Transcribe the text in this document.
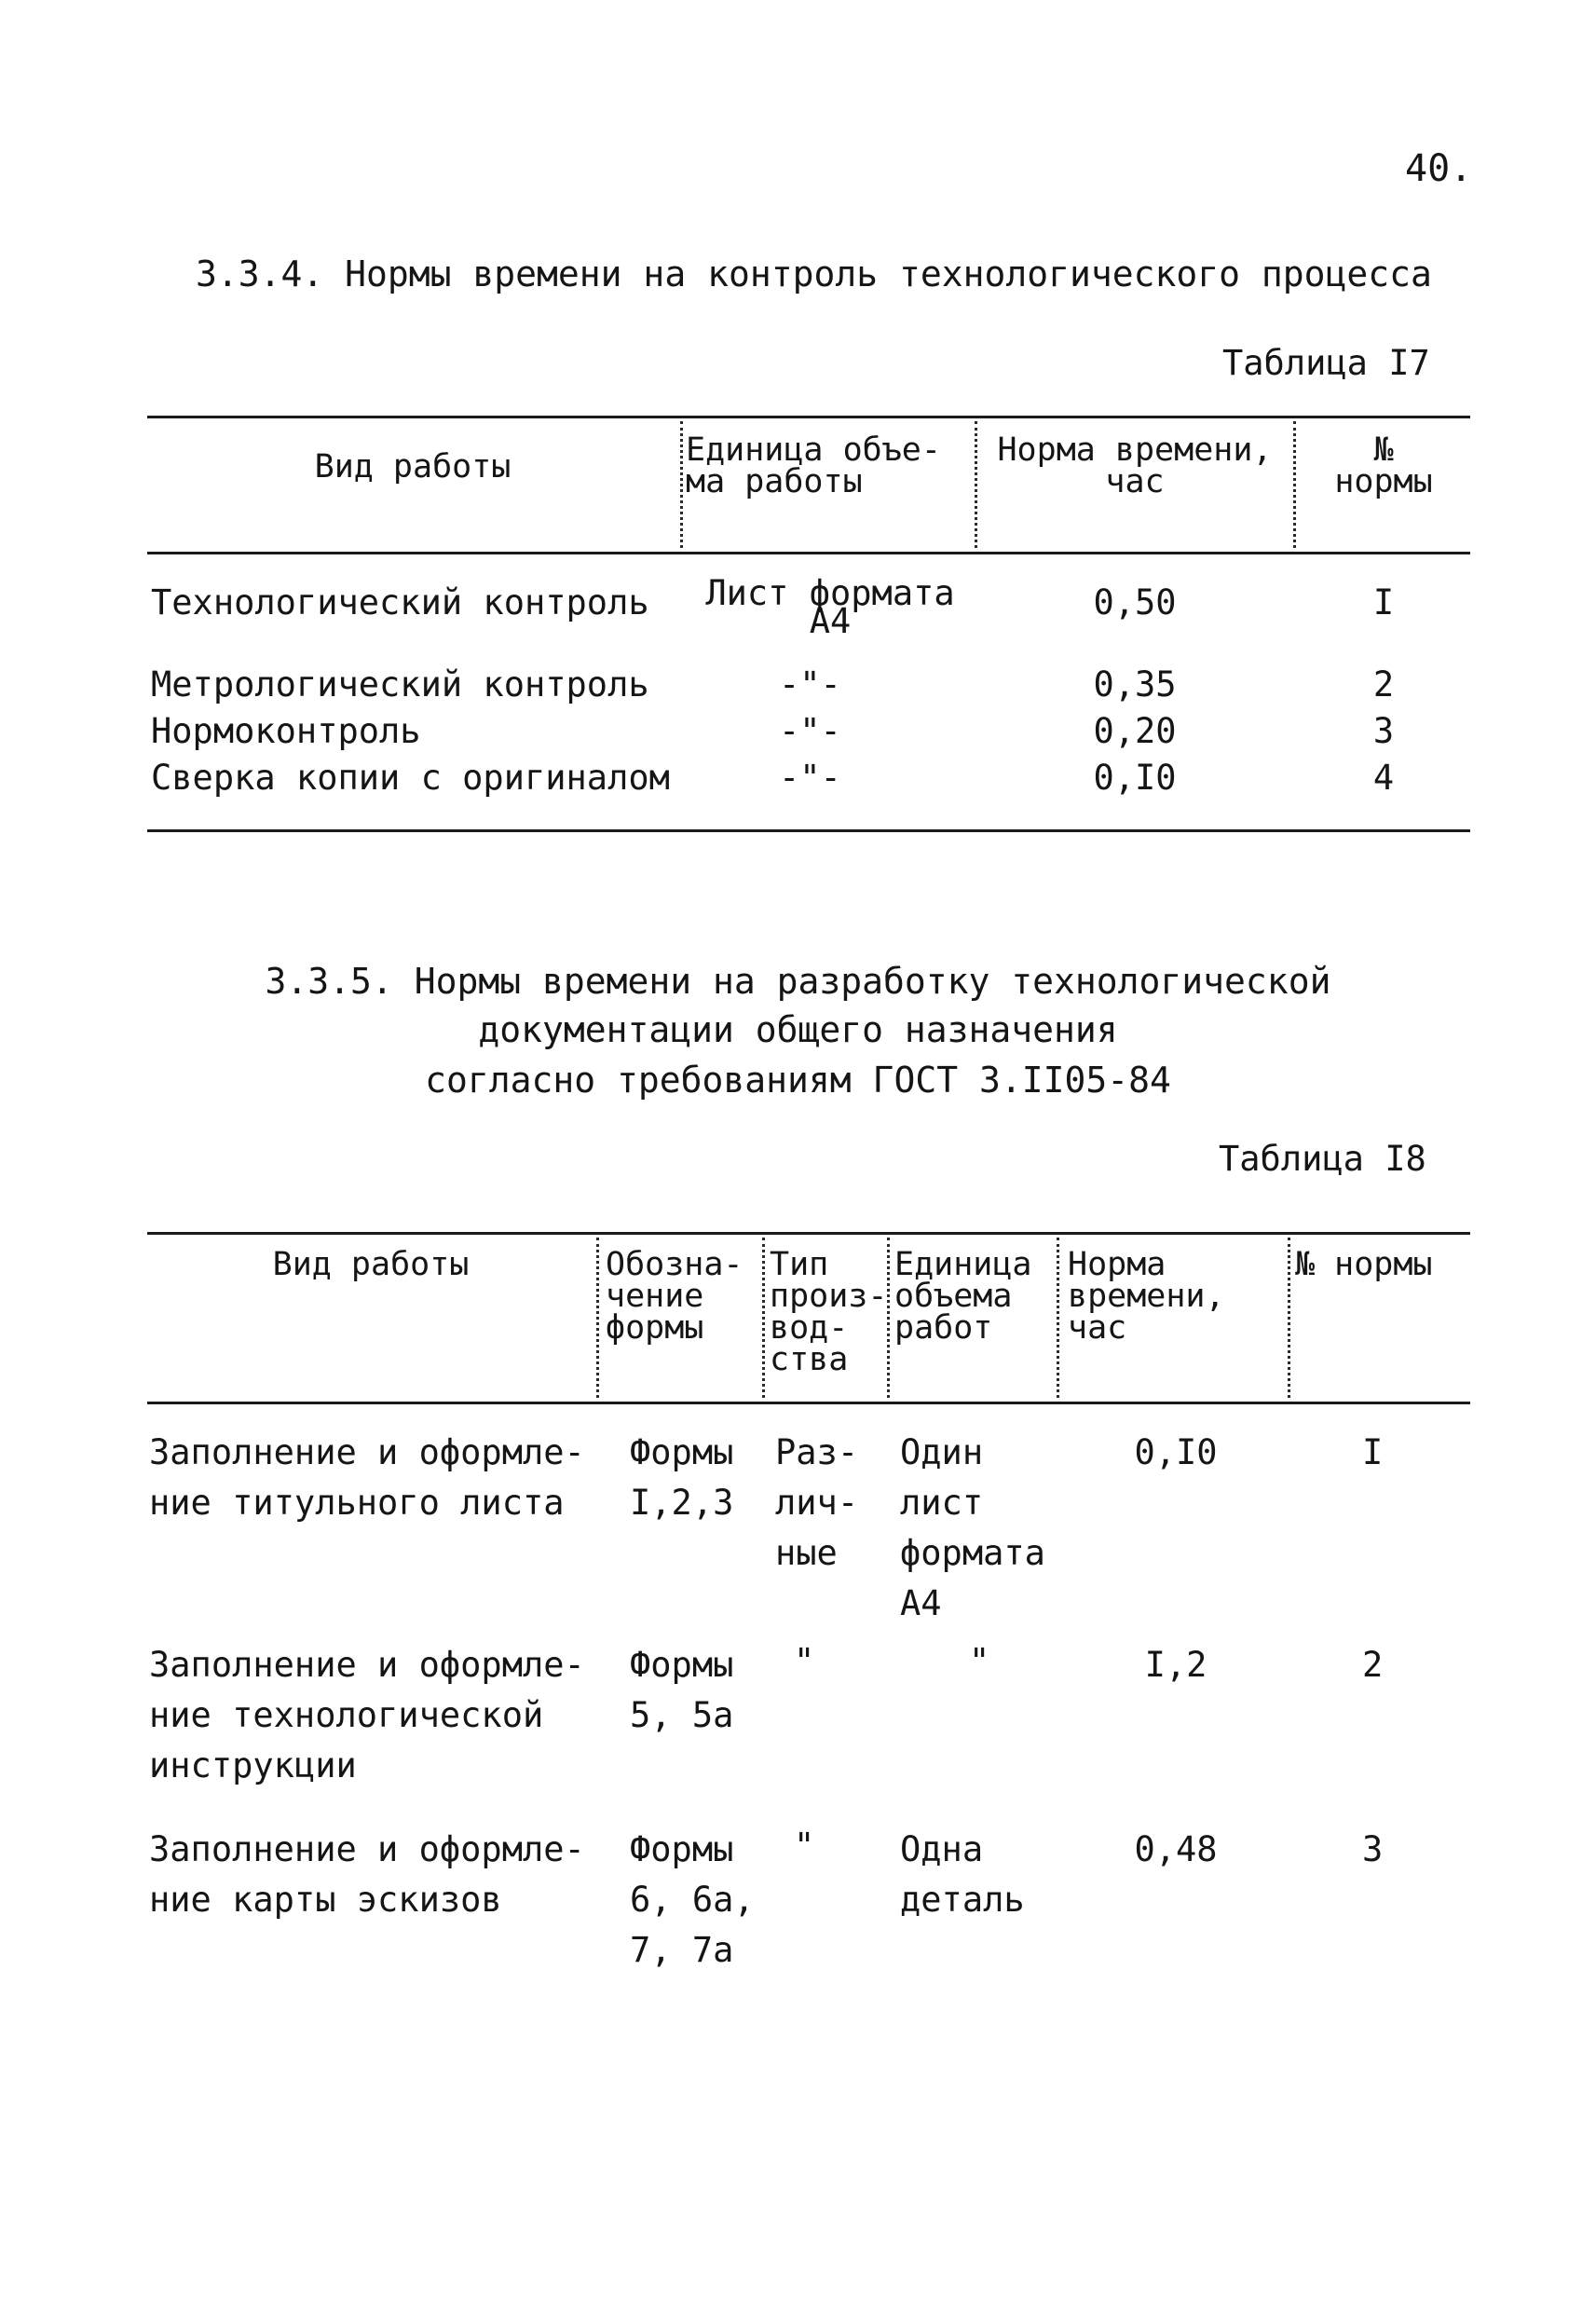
40.
3.3.4. Нормы времени на контроль технологического процесса
Таблица I7
Вид работы	Единица объе-
ма работы
Норма времени,
час
№
нормы
Технологический контроль	Лист формата
А4	0,50	I
Метрологический контроль	-"-	0,35	2
Нормоконтроль	-"-	0,20	3
Сверка копии с оригиналом	-"-	0,I0	4
3.3.5. Нормы времени на разработку технологической
документации общего назначения
согласно требованиям ГОСТ 3.II05-84
Таблица I8
Вид работы	Обозна-
чение
формы
Тип
произ-
вод-
ства
Единица
объема
работ
Норма
времени,
час
№ нормы
Заполнение и оформле-
ние титульного листа
Формы
I,2,3
Раз-
лич-
ные
Один
лист
формата
А4
0,I0	I
Заполнение и оформле-
ние технологической
инструкции
Формы
5, 5а
"	"	I,2	2
Заполнение и оформле-
ние карты эскизов
Формы
6, 6а,
7, 7а
" Одна
деталь
0,48	3
